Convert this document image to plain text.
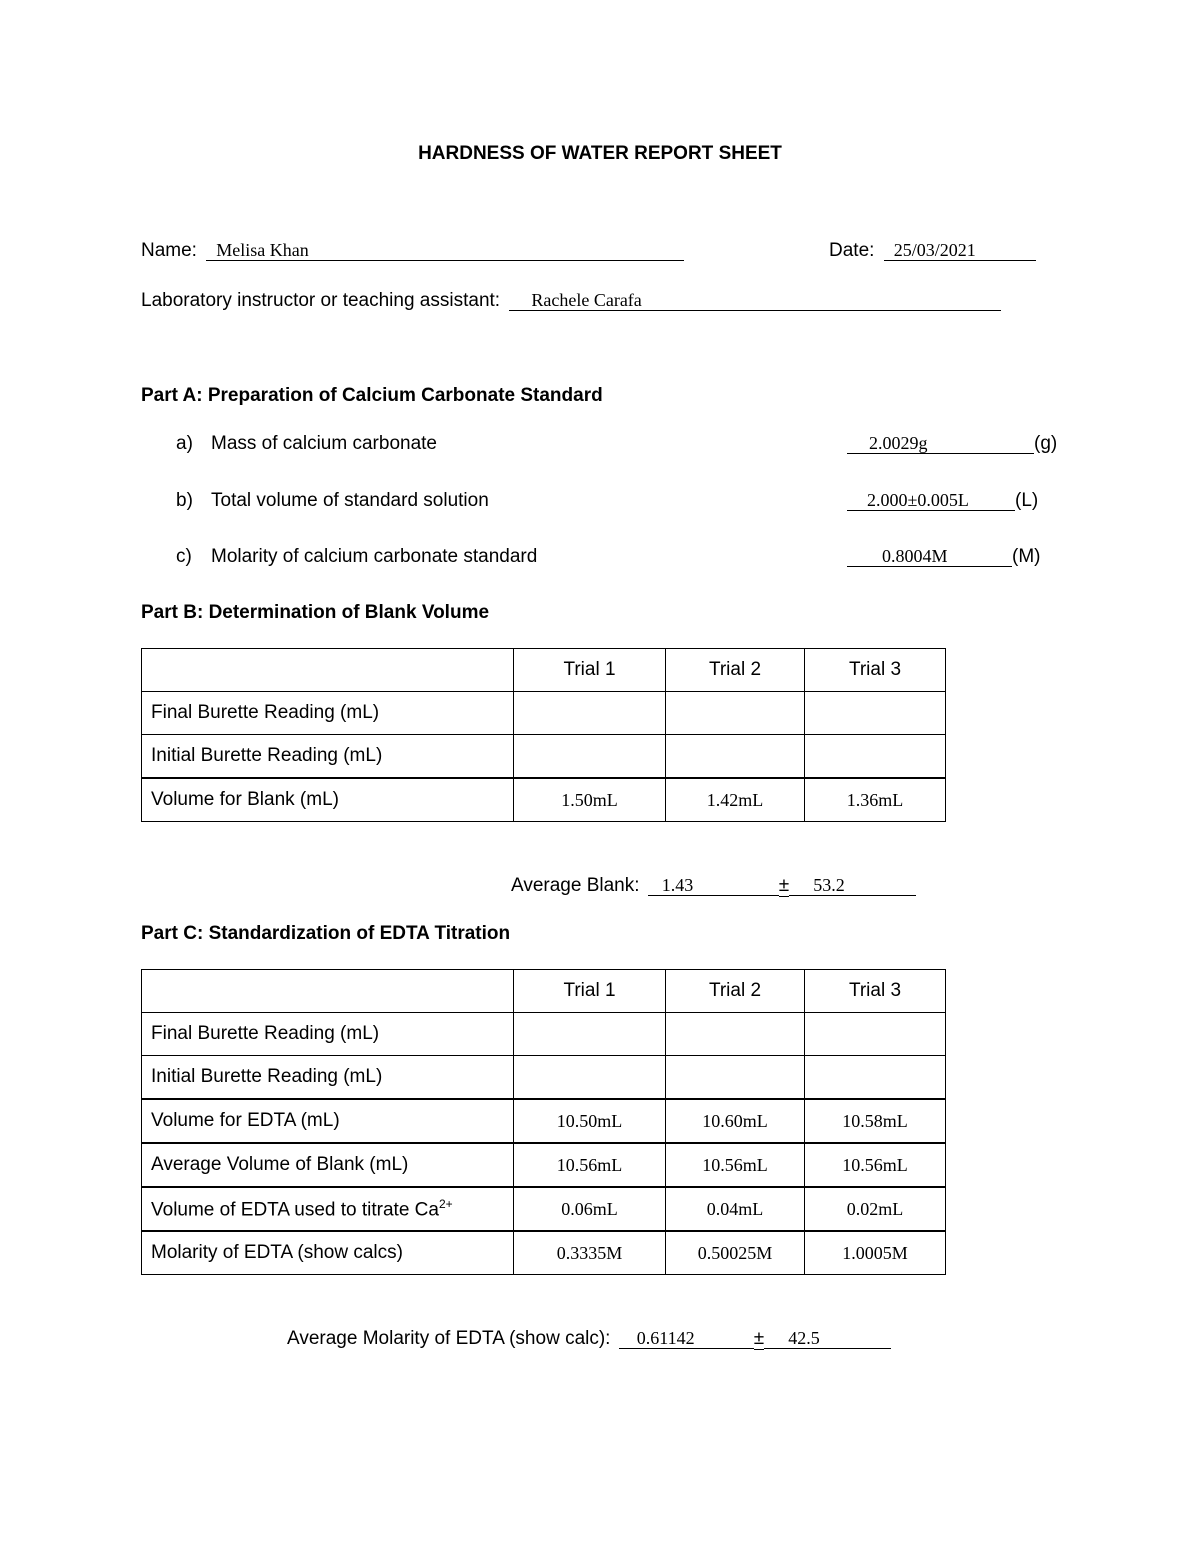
HARDNESS OF WATER REPORT SHEET
Name: Melisa Khan	Date: 25/03/2021
Laboratory instructor or teaching assistant: Rachele Carafa
Part A: Preparation of Calcium Carbonate Standard
a) Mass of calcium carbonate	2.0029g	(g)
b) Total volume of standard solution	2.000±0.005L (L)
c) Molarity of calcium carbonate standard	0.8004M	(M)
Part B: Determination of Blank Volume
	Trial 1	Trial 2	Trial 3
Final Burette Reading (mL)			
Initial Burette Reading (mL)			
Volume for Blank (mL)	1.50mL	1.42mL	1.36mL
Average Blank: 1.43	± 53.2
Part C: Standardization of EDTA Titration
	Trial 1	Trial 2	Trial 3
Final Burette Reading (mL)			
Initial Burette Reading (mL)			
Volume for EDTA (mL)	10.50mL	10.60mL	10.58mL
Average Volume of Blank (mL)	10.56mL	10.56mL	10.56mL
Volume of EDTA used to titrate $Ca^{2+}$	0.06mL	0.04mL	0.02mL
Molarity of EDTA (show calcs)	0.3335M	0.50025M	1.0005M
Average Molarity of EDTA (show calc): 0.61142	± 42.5
